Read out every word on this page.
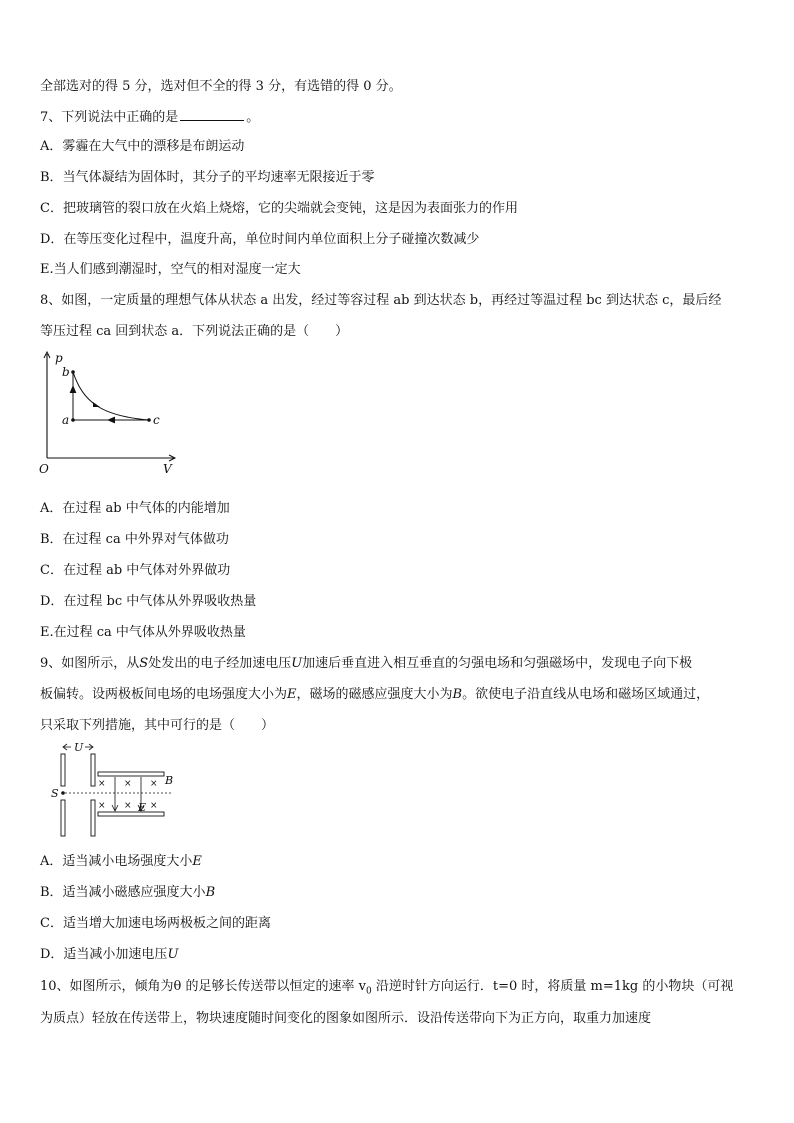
全部选对的得 5 分，选对但不全的得 3 分，有选错的得 0 分。
7、下列说法中正确的是	。
A．雾霾在大气中的漂移是布朗运动
B．当气体凝结为固体时，其分子的平均速率无限接近于零
C．把玻璃管的裂口放在火焰上烧熔，它的尖端就会变钝，这是因为表面张力的作用
D．在等压变化过程中，温度升高，单位时间内单位面积上分子碰撞次数减少
E.当人们感到潮湿时，空气的相对湿度一定大
8、如图，一定质量的理想气体从状态 a 出发，经过等容过程 ab 到达状态 b，再经过等温过程 bc 到达状态 c，最后经
等压过程 ca 回到状态 a．下列说法正确的是（　　）
p
V
O
a
b
c
A．在过程 ab 中气体的内能增加
B．在过程 ca 中外界对气体做功
C．在过程 ab 中气体对外界做功
D．在过程 bc 中气体从外界吸收热量
E.在过程 ca 中气体从外界吸收热量
9、如图所示，从S处发出的电子经加速电压U加速后垂直进入相互垂直的匀强电场和匀强磁场中，发现电子向下极
板偏转。设两极板间电场的电场强度大小为E，磁场的磁感应强度大小为B。欲使电子沿直线从电场和磁场区域通过，
只采取下列措施，其中可行的是（　　）
U
S
B
× × ×
× × ×
E
A．适当减小电场强度大小E
B．适当减小磁感应强度大小B
C．适当增大加速电场两极板之间的距离
D．适当减小加速电压U
10、如图所示，倾角为θ 的足够长传送带以恒定的速率 $v_0$ 沿逆时针方向运行．t=0 时，将质量 m=1kg 的小物块（可视
为质点）轻放在传送带上，物块速度随时间变化的图象如图所示．设沿传送带向下为正方向，取重力加速度
